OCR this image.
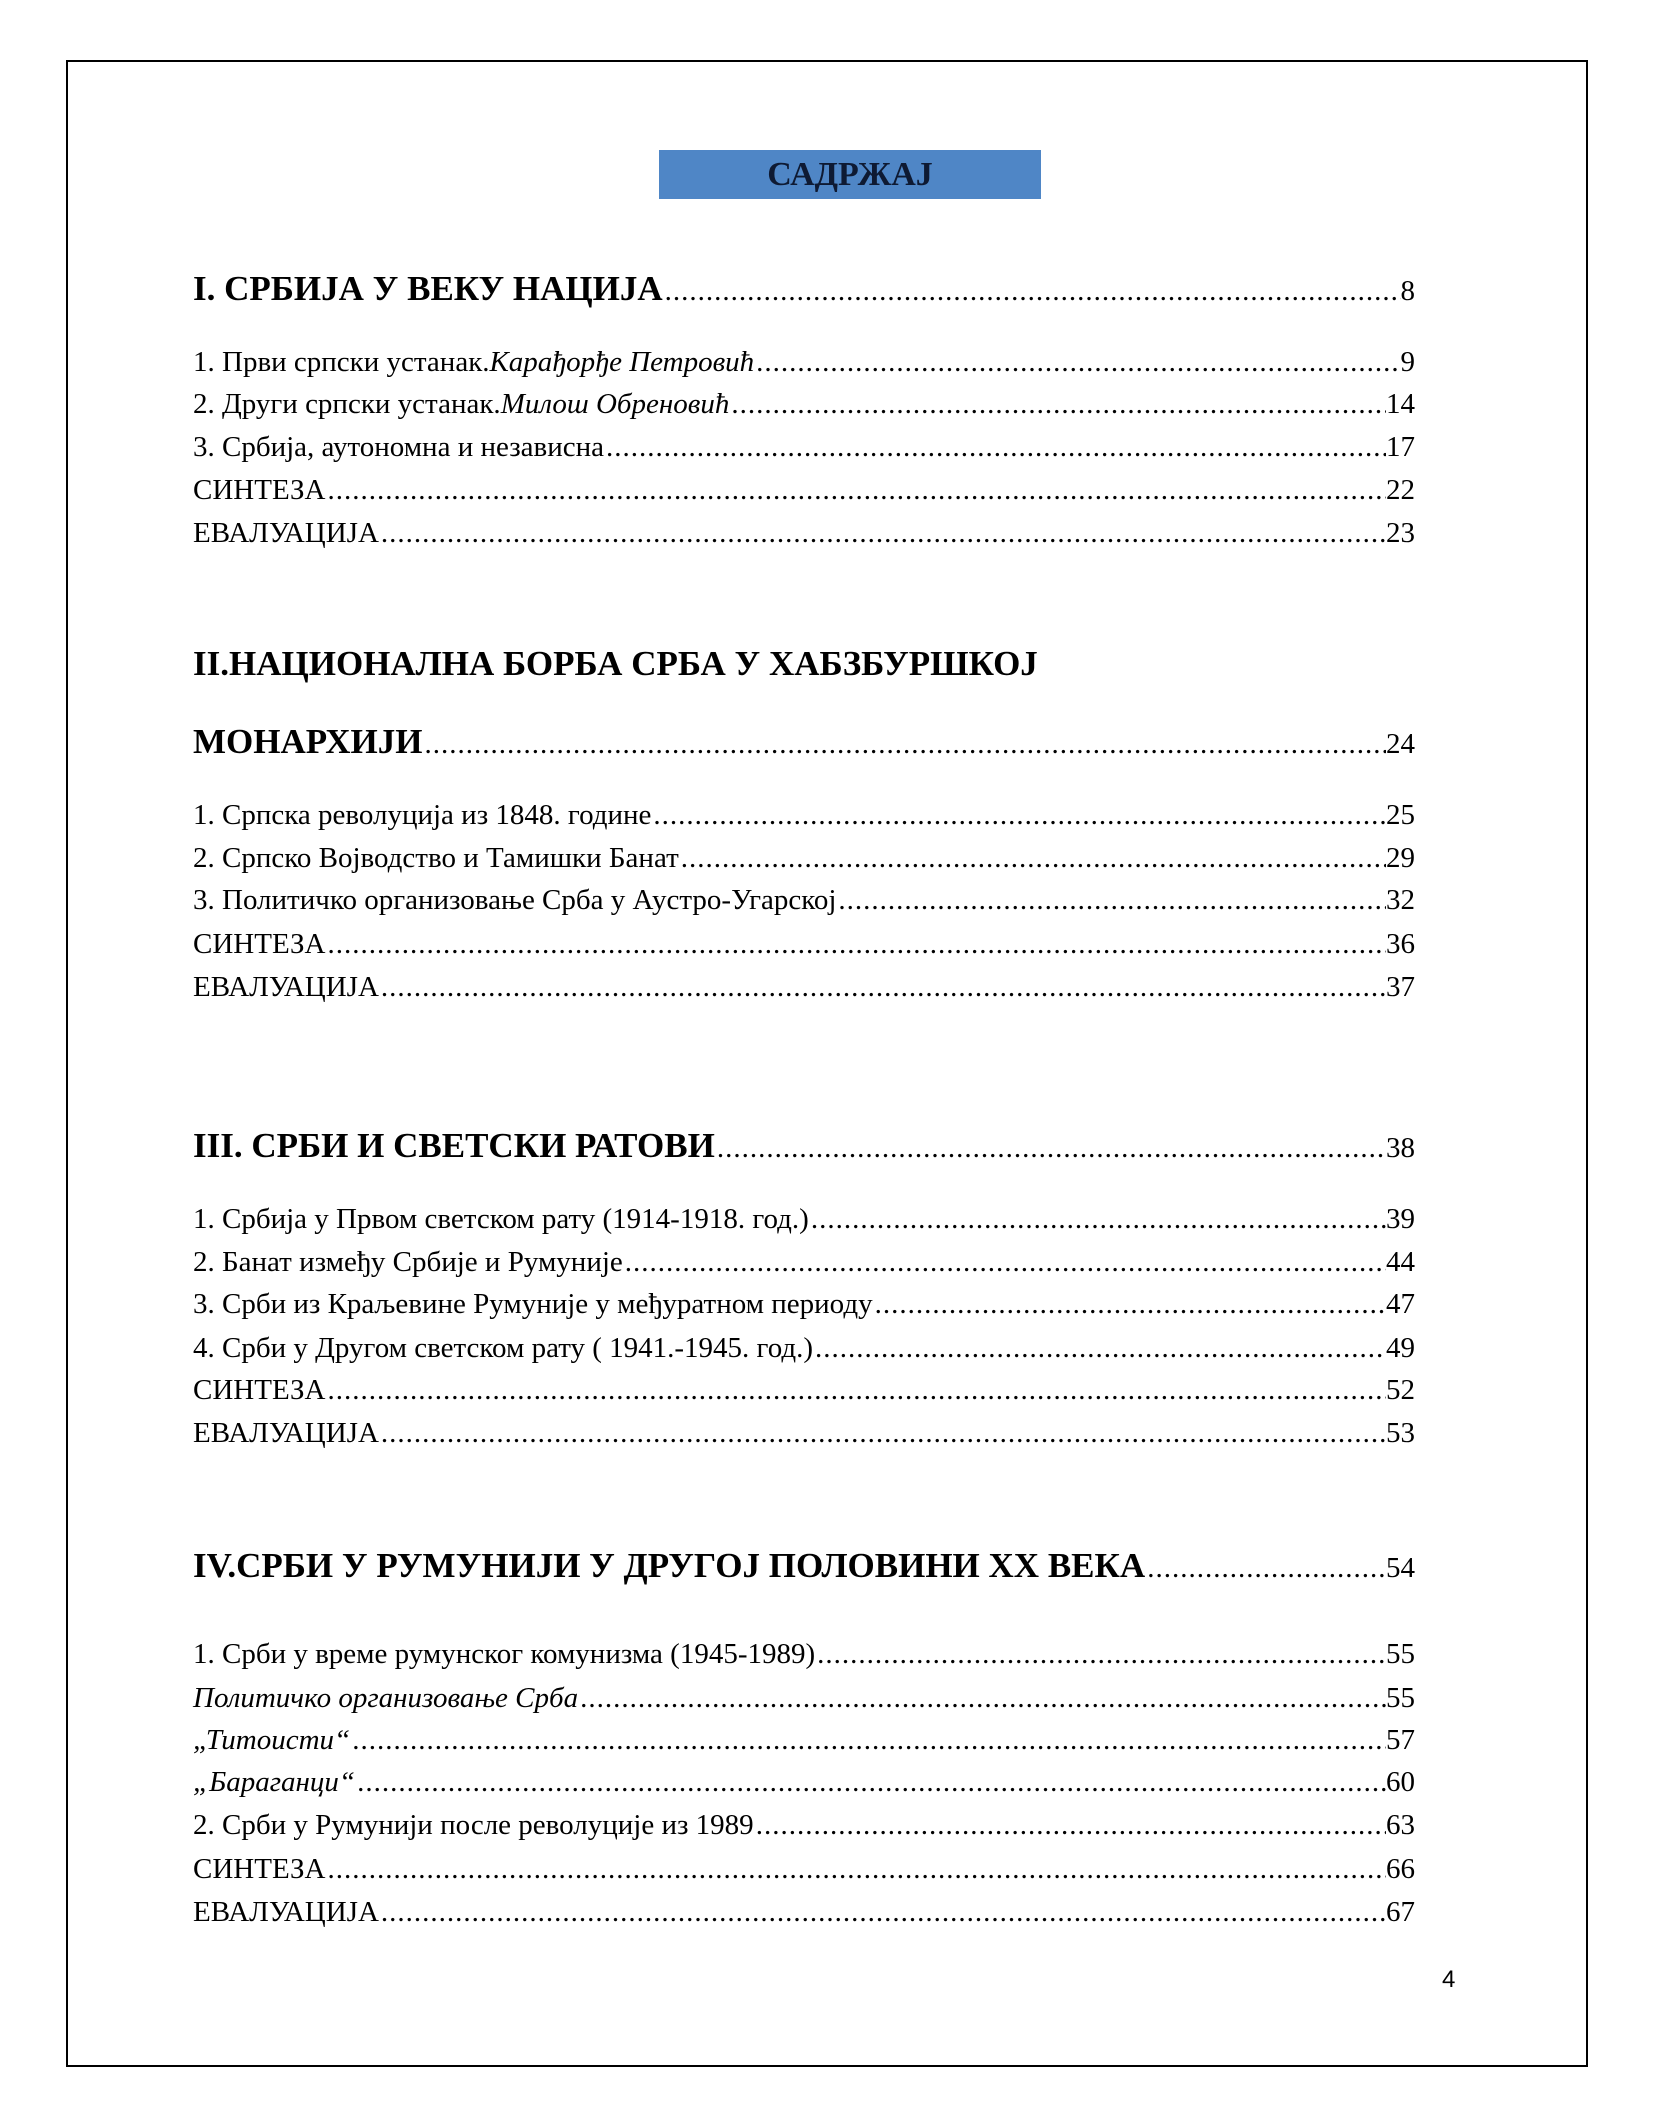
САДРЖАЈ
I. СРБИЈА У ВЕКУ НАЦИЈА .....	8
1. Први српски устанак. Карађорђе Петровић .....	9
2. Други српски устанак. Милош Обреновић .....	14
3. Србија, аутономна и независна .....	17
СИНТЕЗА .....	22
ЕВАЛУАЦИЈА .....	23
II.НАЦИОНАЛНА БОРБА СРБА У ХАБЗБУРШКОЈ
МОНАРХИЈИ .....	24
1. Српска револуција из 1848. године .....	25
2. Српско Војводство и Тамишки Банат .....	29
3. Политичко организовање Срба у Аустро-Угарској .....	32
СИНТЕЗА .....	36
ЕВАЛУАЦИЈА .....	37
III. СРБИ И СВЕТСКИ РАТОВИ .....	38
1. Србија у Првом светском рату (1914-1918. год.) .....	39
2. Банат између Србије и Румуније .....	44
3. Срби из Краљевине Румуније у међуратном периоду .....	47
4. Срби у Другом светском рату ( 1941.-1945. год.) .....	49
СИНТЕЗА .....	52
ЕВАЛУАЦИЈА .....	53
IV.СРБИ У РУМУНИЈИ У ДРУГОЈ ПОЛОВИНИ XX ВЕКА .....	54
1. Срби у време румунског комунизма (1945-1989) .....	55
Политичко организовање Срба .....	55
„Титоисти“ .....	57
„Бараганци“ .....	60
2. Срби у Румунији после револуције из 1989 .....	63
СИНТЕЗА .....	66
ЕВАЛУАЦИЈА .....	67
4
